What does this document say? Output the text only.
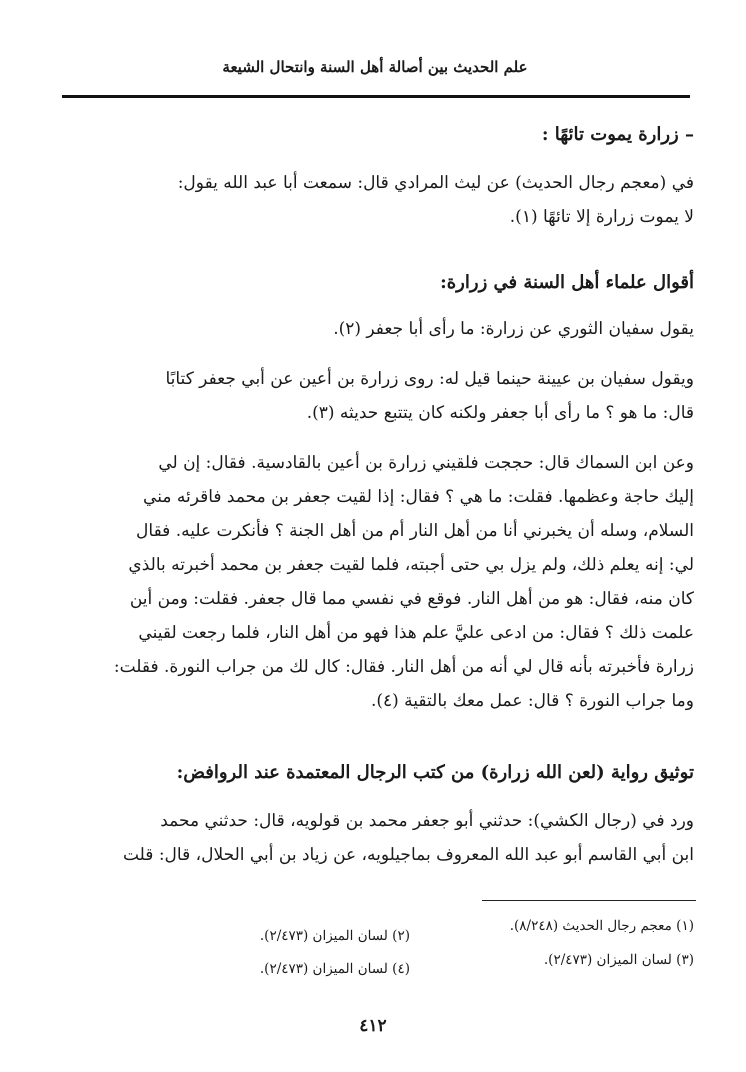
علم الحديث بين أصالة أهل السنة وانتحال الشيعة
– زرارة يموت تائهًا :
في (معجم رجال الحديث) عن ليث المرادي قال: سمعت أبا عبد الله يقول:
لا يموت زرارة إلا تائهًا (١).
أقوال علماء أهل السنة في زرارة:
يقول سفيان الثوري عن زرارة: ما رأى أبا جعفر (٢).
ويقول سفيان بن عيينة حينما قيل له: روى زرارة بن أعين عن أبي جعفر كتابًا
قال: ما هو ؟ ما رأى أبا جعفر ولكنه كان يتتبع حديثه (٣).
وعن ابن السماك قال: حججت فلقيني زرارة بن أعين بالقادسية. فقال: إن لي
إليك حاجة وعظمها. فقلت: ما هي ؟ فقال: إذا لقيت جعفر بن محمد فاقرئه مني
السلام، وسله أن يخبرني أنا من أهل النار أم من أهل الجنة ؟ فأنكرت عليه. فقال
لي: إنه يعلم ذلك، ولم يزل بي حتى أجبته، فلما لقيت جعفر بن محمد أخبرته بالذي
كان منه، فقال: هو من أهل النار. فوقع في نفسي مما قال جعفر. فقلت: ومن أين
علمت ذلك ؟ فقال: من ادعى عليَّ علم هذا فهو من أهل النار، فلما رجعت لقيني
زرارة فأخبرته بأنه قال لي أنه من أهل النار. فقال: كال لك من جراب النورة. فقلت:
وما جراب النورة ؟ قال: عمل معك بالتقية (٤).
توثيق رواية (لعن الله زرارة) من كتب الرجال المعتمدة عند الروافض:
ورد في (رجال الكشي): حدثني أبو جعفر محمد بن قولويه، قال: حدثني محمد
ابن أبي القاسم أبو عبد الله المعروف بماجيلويه، عن زياد بن أبي الحلال، قال: قلت
(١) معجم رجال الحديث (٨/٢٤٨).
(٢) لسان الميزان (٢/٤٧٣).
(٣) لسان الميزان (٢/٤٧٣).
(٤) لسان الميزان (٢/٤٧٣).
٤١٢
